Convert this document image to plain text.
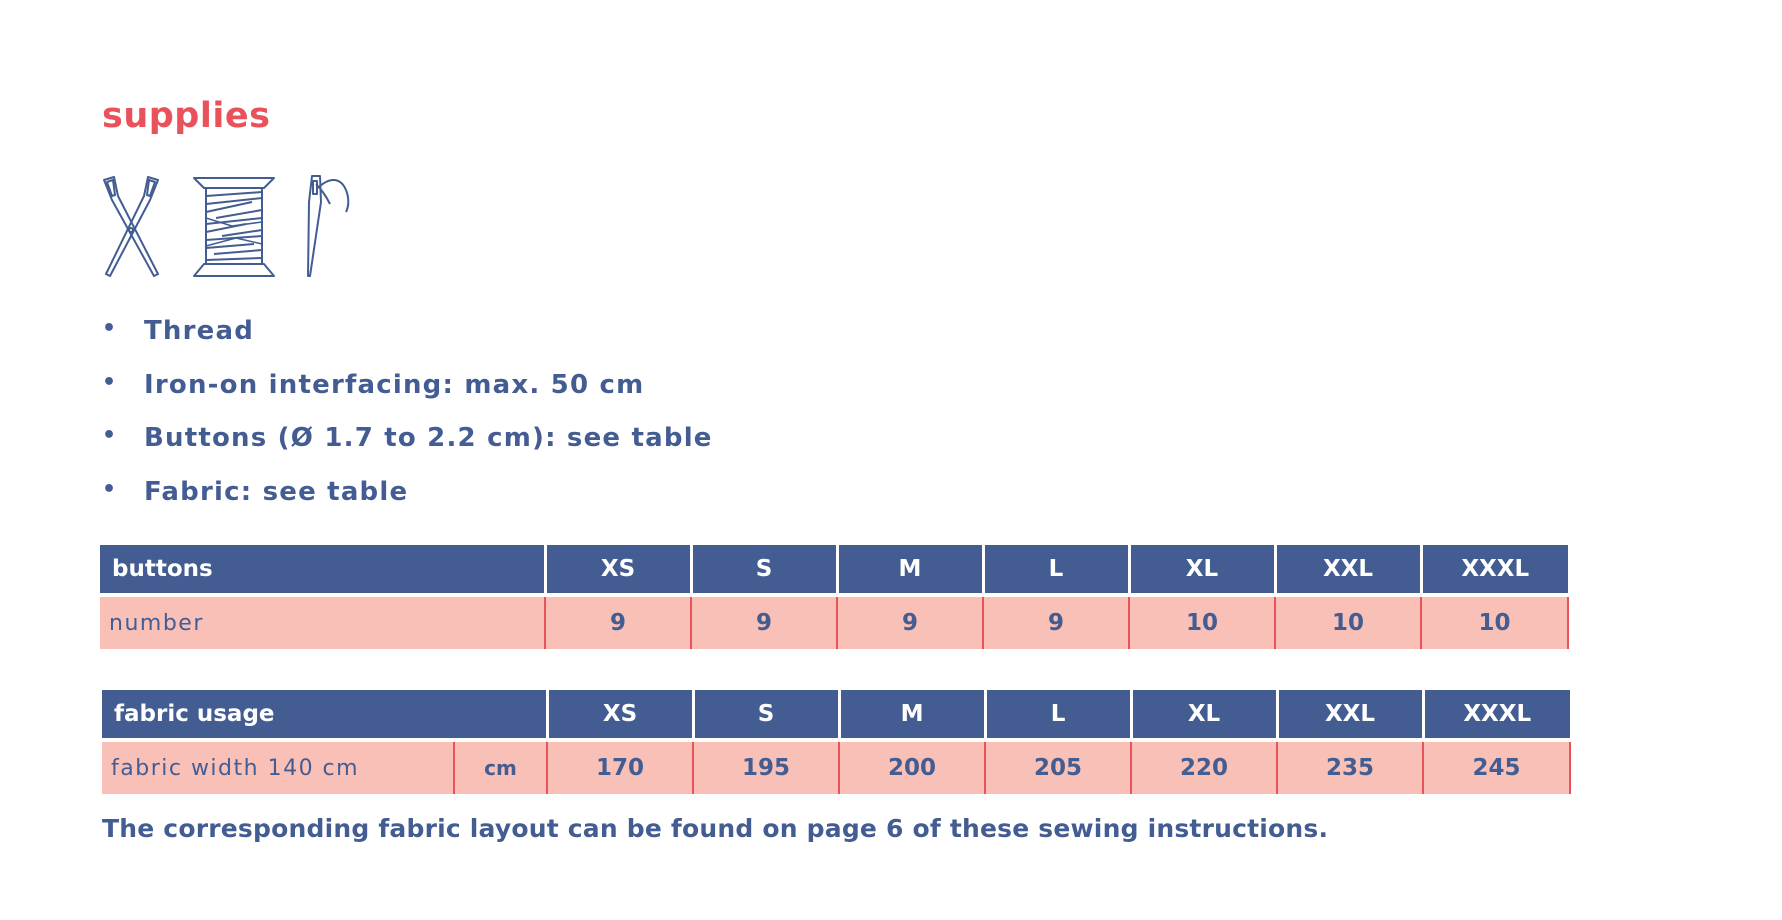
supplies
• Thread
• Iron-on interfacing: max. 50 cm
• Buttons (Ø 1.7 to 2.2 cm): see table
• Fabric: see table
buttons	XS	S	M	L	XL	XXL	XXXL
number	9	9	9	9	10	10	10
fabric usage		XS	S	M	L	XL	XXL	XXXL
fabric width 140 cm	cm	170	195	200	205	220	235	245
The corresponding fabric layout can be found on page 6 of these sewing instructions.
